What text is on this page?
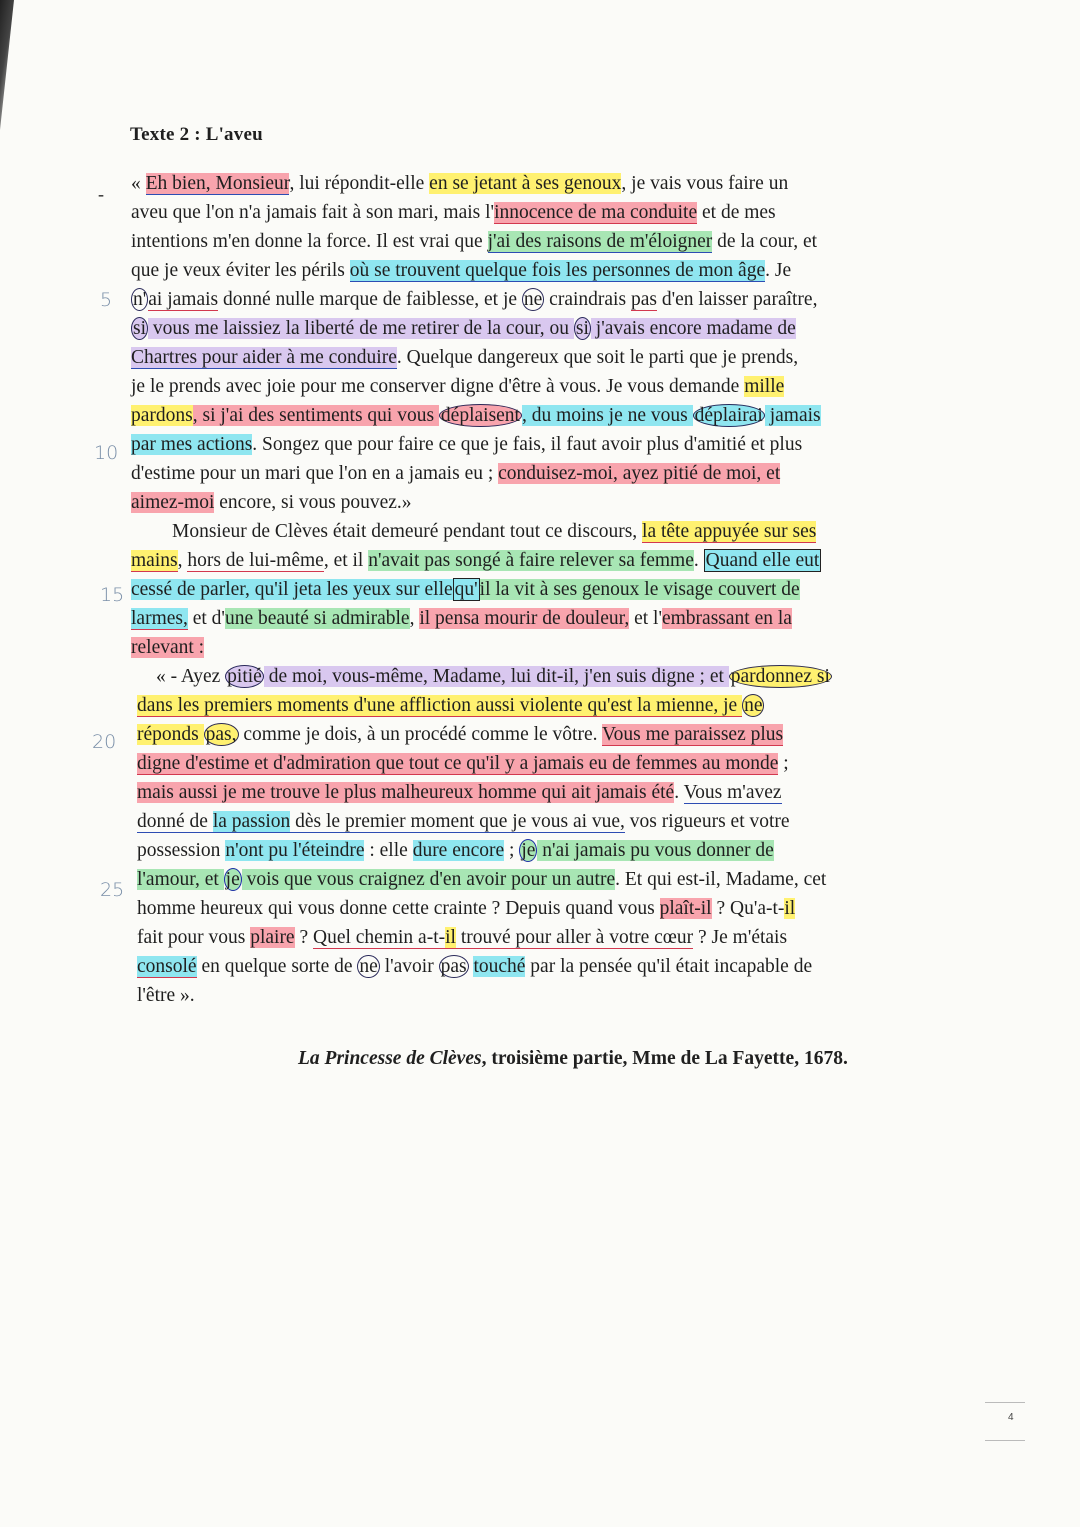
Texte 2 : L'aveu
-
5
10
15
20
25
« Eh bien, Monsieur, lui répondit-elle en se jetant à ses genoux, je vais vous faire un
aveu que l'on n'a jamais fait à son mari, mais l'innocence de ma conduite et de mes
intentions m'en donne la force. Il est vrai que j'ai des raisons de m'éloigner de la cour, et
que je veux éviter les périls où se trouvent quelque fois les personnes de mon âge. Je
n' ai jamais donné nulle marque de faiblesse, et je ne craindrais pas d'en laisser paraître,
si vous me laissiez la liberté de me retirer de la cour, ou si j'avais encore madame de
Chartres pour aider à me conduire. Quelque dangereux que soit le parti que je prends,
je le prends avec joie pour me conserver digne d'être à vous. Je vous demande mille
pardons, si j'ai des sentiments qui vous déplaisent , du moins je ne vous déplairai jamais
par mes actions. Songez que pour faire ce que je fais, il faut avoir plus d'amitié et plus
d'estime pour un mari que l'on en a jamais eu ; conduisez-moi, ayez pitié de moi, et
aimez-moi encore, si vous pouvez.»
Monsieur de Clèves était demeuré pendant tout ce discours, la tête appuyée sur ses
mains, hors de lui-même, et il n'avait pas songé à faire relever sa femme. Quand elle eut
cessé de parler, qu'il jeta les yeux sur elle qu' il la vit à ses genoux le visage couvert de
larmes, et d'une beauté si admirable, il pensa mourir de douleur, et l'embrassant en la
relevant :
« - Ayez pitié de moi, vous-même, Madame, lui dit-il, j'en suis digne ; et pardonnez si
dans les premiers moments d'une affliction aussi violente qu'est la mienne, je ne
réponds pas, comme je dois, à un procédé comme le vôtre. Vous me paraissez plus
digne d'estime et d'admiration que tout ce qu'il y a jamais eu de femmes au monde ;
mais aussi je me trouve le plus malheureux homme qui ait jamais été. Vous m'avez
donné de la passion dès le premier moment que je vous ai vue, vos rigueurs et votre
possession n'ont pu l'éteindre : elle dure encore ; je n'ai jamais pu vous donner de
l'amour, et je vois que vous craignez d'en avoir pour un autre. Et qui est-il, Madame, cet
homme heureux qui vous donne cette crainte ? Depuis quand vous plaît-il ? Qu'a-t-il
fait pour vous plaire ? Quel chemin a-t-il trouvé pour aller à votre cœur ? Je m'étais
consolé en quelque sorte de ne l'avoir pas touché par la pensée qu'il était incapable de
l'être ».
La Princesse de Clèves, troisième partie, Mme de La Fayette, 1678.
4
